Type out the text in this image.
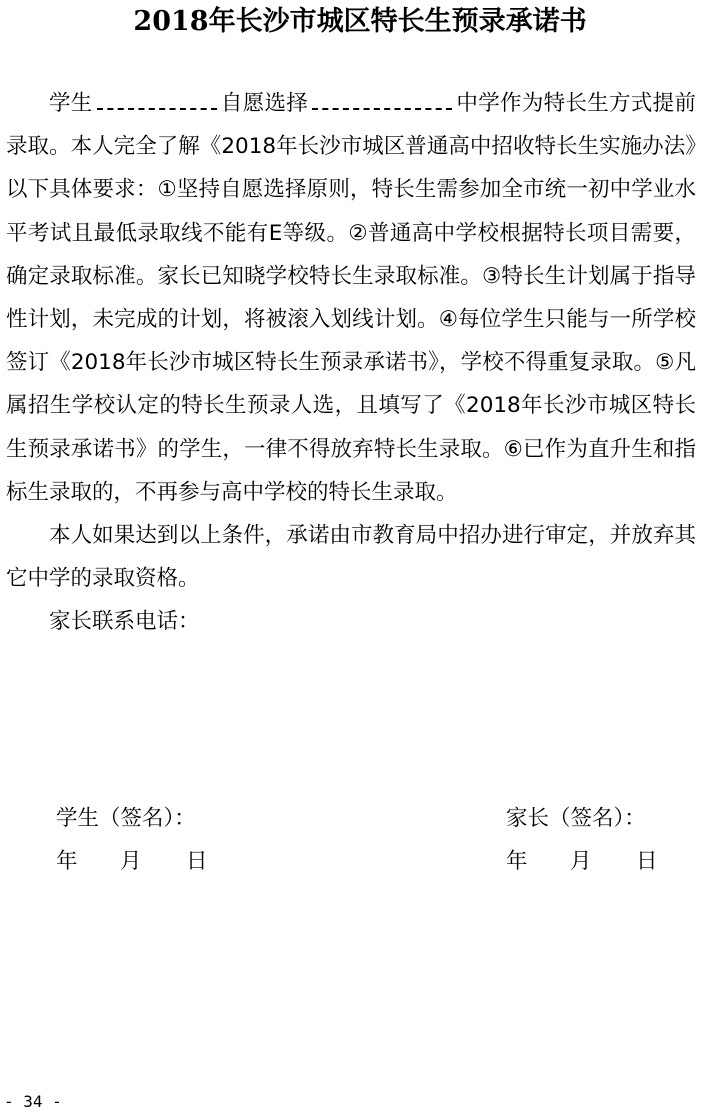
2018年长沙市城区特长生预录承诺书

学生	自愿选择	中学作为特长生方式提前录取。本人完全了解《2018年长沙市城区普通高中招收特长生实施办法》以下具体要求：①坚持自愿选择原则，特长生需参加全市统一初中学业水平考试且最低录取线不能有E等级。②普通高中学校根据特长项目需要，确定录取标准。家长已知晓学校特长生录取标准。③特长生计划属于指导性计划，未完成的计划，将被滚入划线计划。④每位学生只能与一所学校签订《2018年长沙市城区特长生预录承诺书》，学校不得重复录取。⑤凡属招生学校认定的特长生预录人选，且填写了《2018年长沙市城区特长生预录承诺书》的学生，一律不得放弃特长生录取。⑥已作为直升生和指标生录取的，不再参与高中学校的特长生录取。

本人如果达到以上条件，承诺由市教育局中招办进行审定，并放弃其它中学的录取资格。

家长联系电话：

学生（签名）：	家长（签名）：
年 月 日	年 月 日
- 34 -
